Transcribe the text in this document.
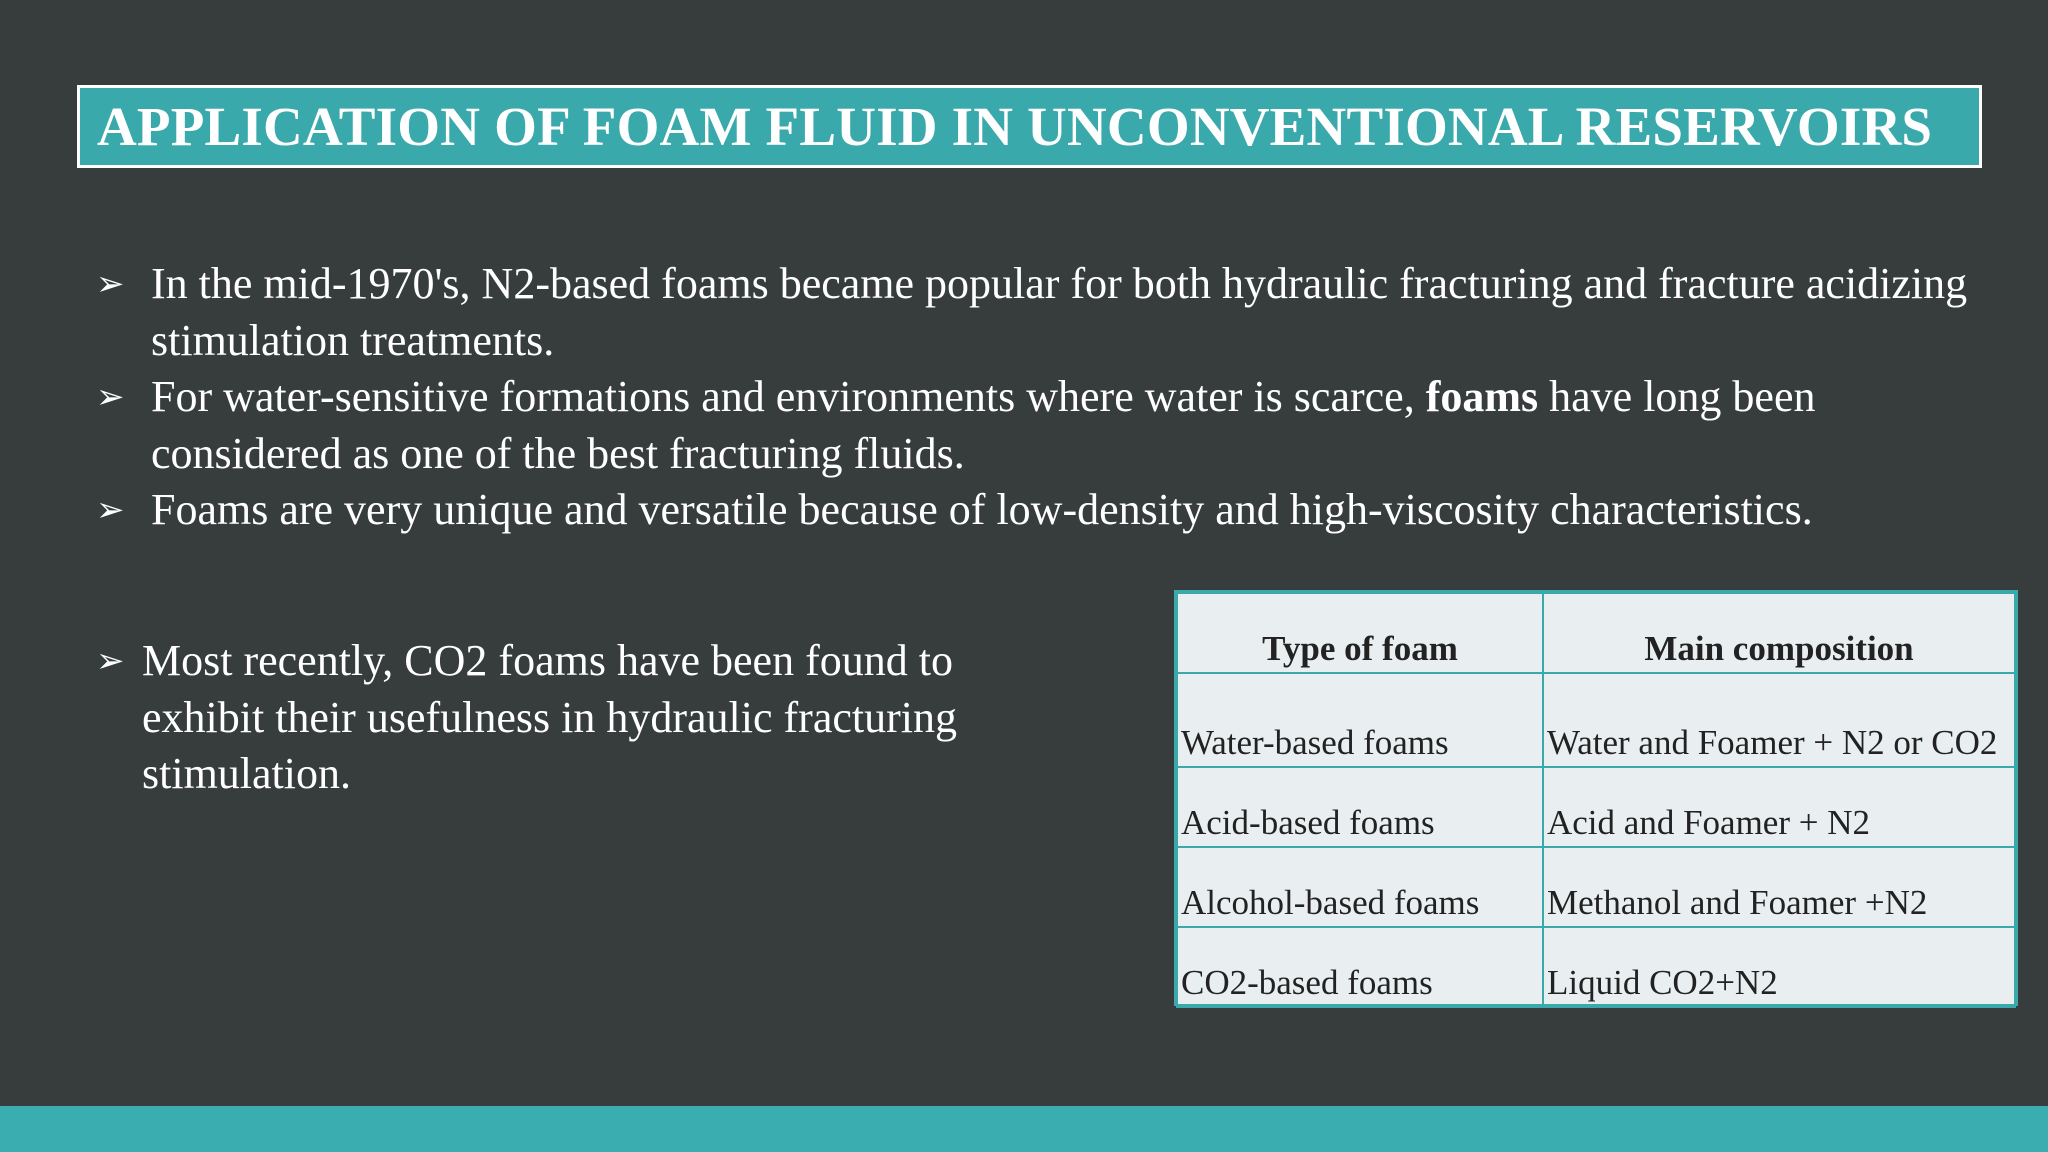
APPLICATION OF FOAM FLUID IN UNCONVENTIONAL RESERVOIRS
➢ In the mid-1970's, N2-based foams became popular for both hydraulic fracturing and fracture acidizing stimulation treatments.
➢ For water-sensitive formations and environments where water is scarce, foams have long been considered as one of the best fracturing fluids.
➢ Foams are very unique and versatile because of low-density and high-viscosity characteristics.
➢ Most recently, CO2 foams have been found to exhibit their usefulness in hydraulic fracturing stimulation.
Type of foam	Main composition
Water-based foams	Water and Foamer + N2 or CO2
Acid-based foams	Acid and Foamer + N2
Alcohol-based foams	Methanol and Foamer +N2
CO2-based foams	Liquid CO2+N2
